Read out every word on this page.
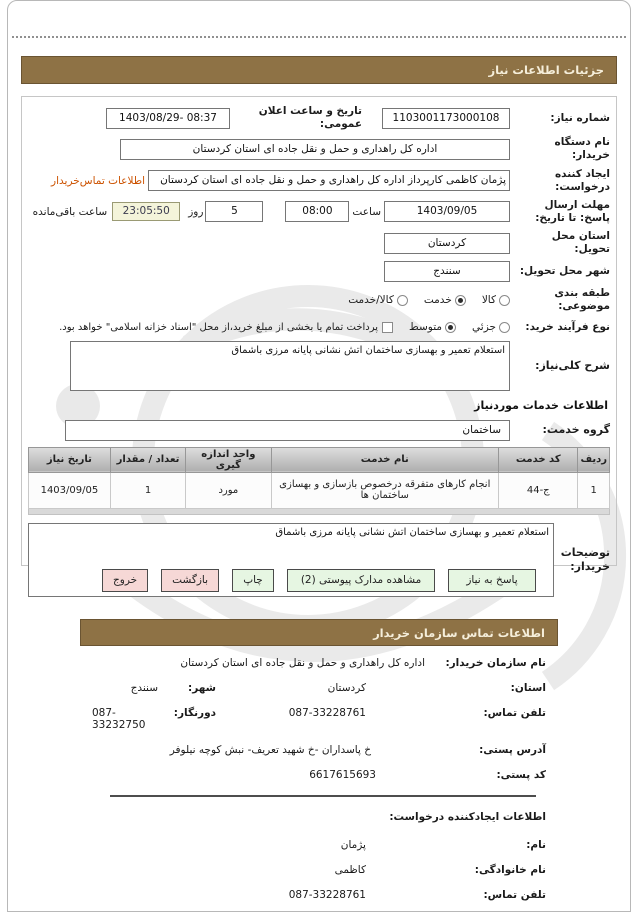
جزئیات اطلاعات نیاز
شماره نیاز:
1103001173000108
تاریخ و ساعت اعلان عمومی:
1403/08/29- 08:37
نام دستگاه خریدار:
اداره کل راهداری و حمل و نقل جاده ای استان کردستان
ایجاد کننده درخواست:
پژمان کاظمی کارپرداز اداره کل راهداری و حمل و نقل جاده ای استان کردستان
اطلاعات تماس‌خریدار
مهلت ارسال پاسخ: تا تاریخ:
1403/09/05
ساعت
08:00
5
روز
23:05:50
ساعت باقی‌مانده
استان محل تحویل:
کردستان
شهر محل تحویل:
سنندج
طبقه بندی موضوعی:
کالا
خدمت
کالا/خدمت
نوع فرآیند خرید:
جزئي
متوسط
پرداخت تمام یا بخشی از مبلغ خرید،از محل "اسناد خزانه اسلامی" خواهد بود.
شرح کلی‌نیاز:
استعلام تعمیر و بهسازی ساختمان اتش نشانی پایانه مرزی باشماق
اطلاعات خدمات موردنیاز
گروه خدمت:
ساختمان
ردیف	کد خدمت	نام خدمت	واحد اندازه گیری	تعداد / مقدار	تاریخ نیاز
1	ج-44	انجام کارهای متفرقه درخصوص بازسازی و بهسازی ساختمان ها	مورد	1	1403/09/05
استعلام تعمیر و بهسازی ساختمان اتش نشانی پایانه مرزی باشماق
توضیحات خریدار:
پاسخ به نیاز
مشاهده مدارک پیوستی (2)
چاپ
بازگشت
خروج
اطلاعات تماس سازمان خریدار
نام سازمان خریدار:
اداره کل راهداری و حمل و نقل جاده ای استان کردستان
استان:
کردستان
شهر:
سنندج
تلفن تماس:
087-33228761
دورنگار:
087-33232750
آدرس پستی:
خ پاسداران -خ شهید تعریف- نبش کوچه نیلوفر
کد پستی:
6617615693
اطلاعات ایجادکننده درخواست:
نام:
پژمان
نام خانوادگی:
کاظمی
تلفن تماس:
087-33228761
